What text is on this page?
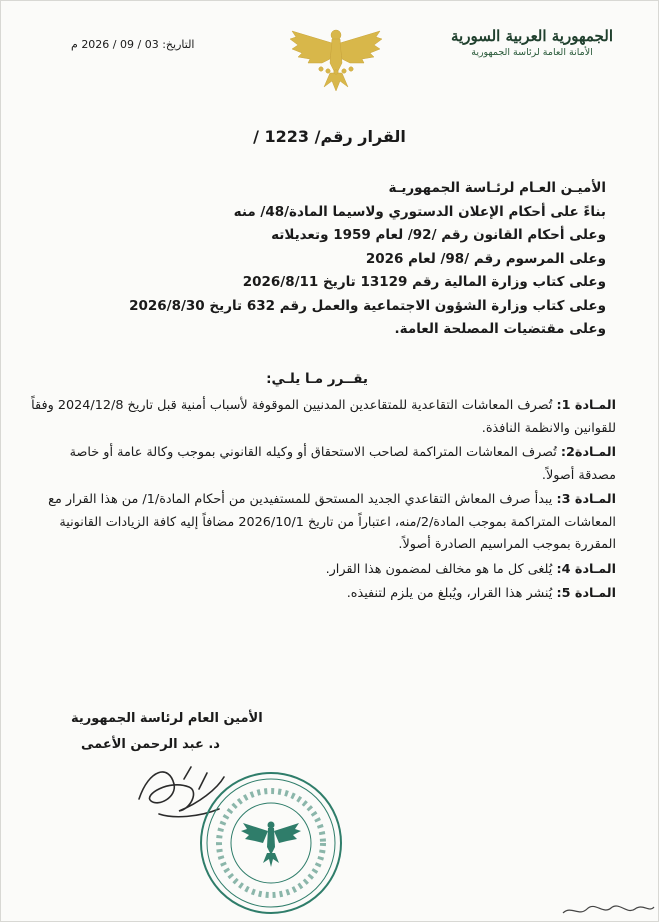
التاريخ: 03 / 09 / 2026 م	الجمهورية العربية السورية
الأمانة العامة لرئاسة الجمهورية
القرار رقم/ 1223 /
الأميـن العـام لرئـاسة الجمهوريـة
بناءً على أحكام الإعلان الدستوري ولاسيما المادة/48/ منه
وعلى أحكام القانون رقم /92/ لعام 1959 وتعديلاته
وعلى المرسوم رقم /98/ لعام 2026
وعلى كتاب وزارة المالية رقم 13129 تاريخ 2026/8/11
وعلى كتاب وزارة الشؤون الاجتماعية والعمل رقم 632 تاريخ 2026/8/30
وعلى مقتضيات المصلحة العامة.
يقــرر مـا يلـي:

المـادة 1: تُصرف المعاشات التقاعدية للمتقاعدين المدنيين الموقوفة لأسباب أمنية قبل تاريخ 2024/12/8 وفقاً للقوانين والانظمة النافذة.

المـادة2: تُصرف المعاشات المتراكمة لصاحب الاستحقاق أو وكيله القانوني بموجب وكالة عامة أو خاصة مصدقة أصولاً.

المـادة 3: يبدأ صرف المعاش التقاعدي الجديد المستحق للمستفيدين من أحكام المادة/1/ من هذا القرار مع المعاشات المتراكمة بموجب المادة/2/منه، اعتباراً من تاريخ 2026/10/1 مضافاً إليه كافة الزيادات القانونية المقررة بموجب المراسيم الصادرة أصولاً.

المـادة 4: يُلغى كل ما هو مخالف لمضمون هذا القرار.

المـادة 5: يُنشر هذا القرار، ويُبلغ من يلزم لتنفيذه.

الأمين العام لرئاسة الجمهورية
د. عبد الرحمن الأعمى
